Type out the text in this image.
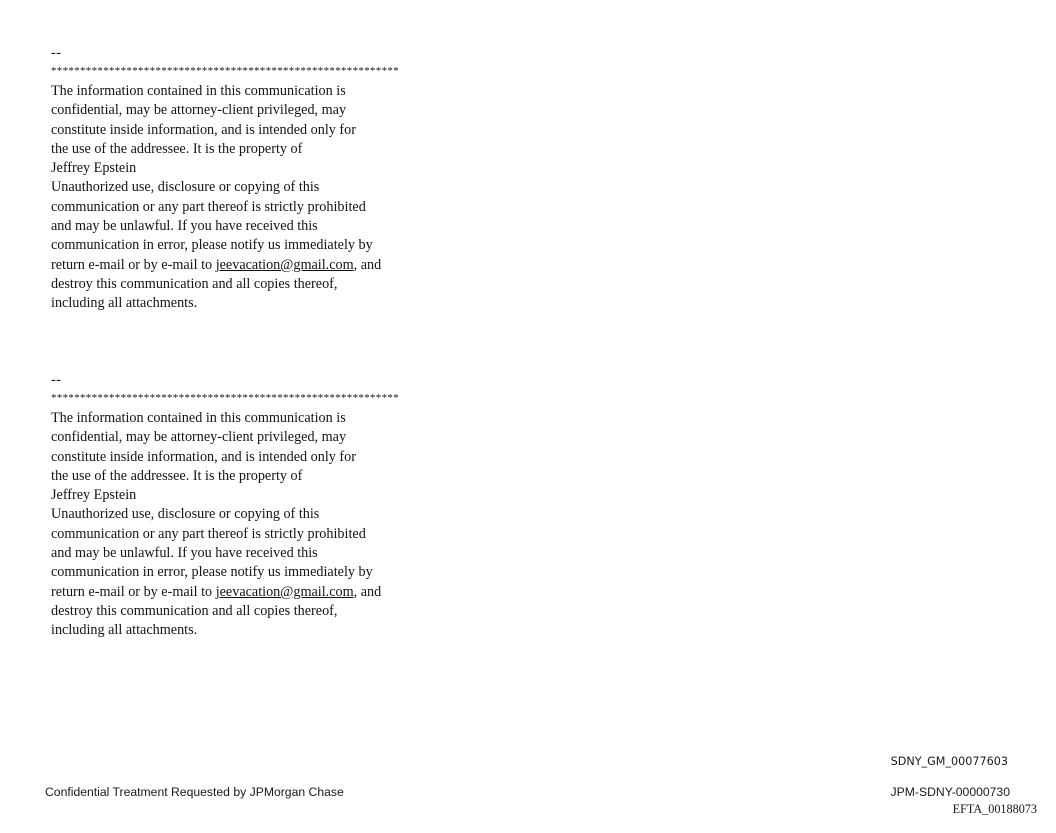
--
************************************************************
The information contained in this communication is
confidential, may be attorney-client privileged, may
constitute inside information, and is intended only for
the use of the addressee. It is the property of
Jeffrey Epstein
Unauthorized use, disclosure or copying of this
communication or any part thereof is strictly prohibited
and may be unlawful. If you have received this
communication in error, please notify us immediately by
return e-mail or by e-mail to jeevacation@gmail.com, and
destroy this communication and all copies thereof,
including all attachments.
--
************************************************************
The information contained in this communication is
confidential, may be attorney-client privileged, may
constitute inside information, and is intended only for
the use of the addressee. It is the property of
Jeffrey Epstein
Unauthorized use, disclosure or copying of this
communication or any part thereof is strictly prohibited
and may be unlawful. If you have received this
communication in error, please notify us immediately by
return e-mail or by e-mail to jeevacation@gmail.com, and
destroy this communication and all copies thereof,
including all attachments.
SDNY_GM_00077603
Confidential Treatment Requested by JPMorgan Chase	JPM-SDNY-00000730
EFTA_00188073
